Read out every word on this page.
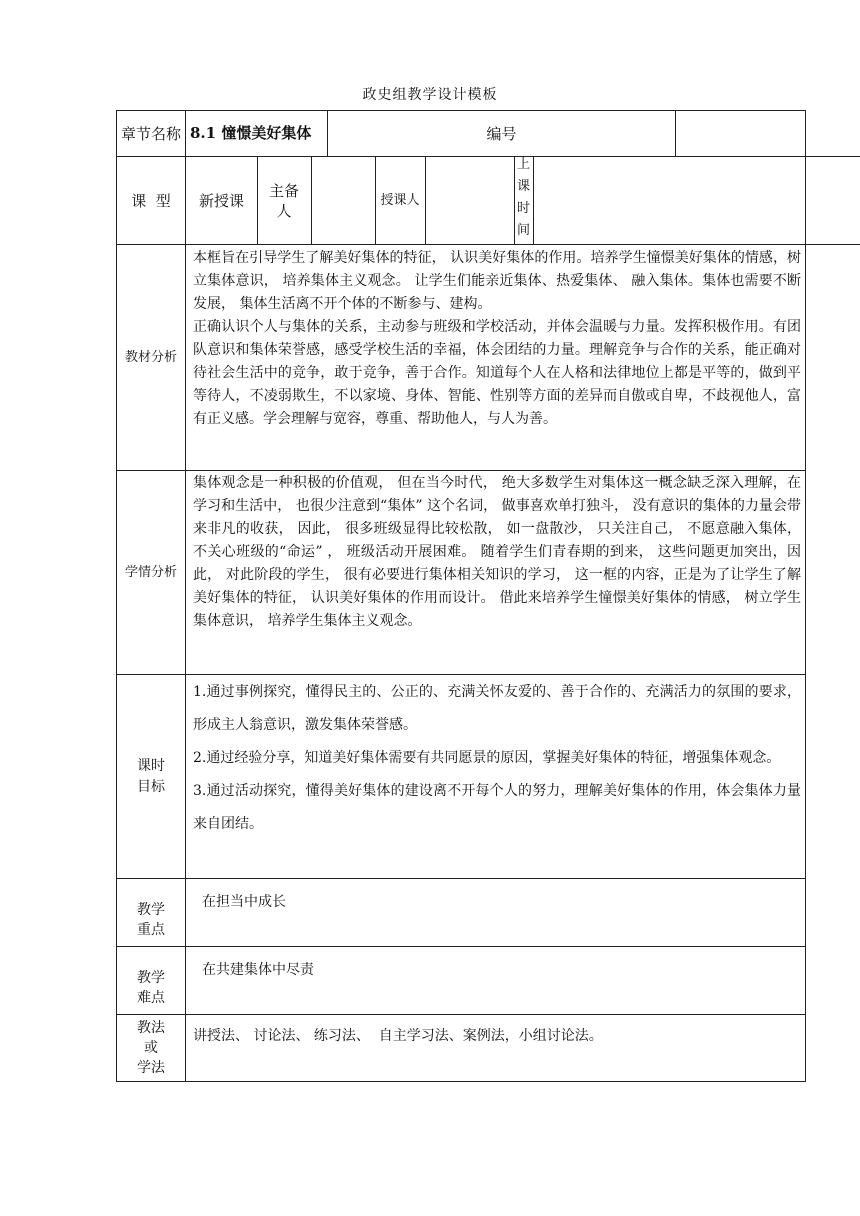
政史组教学设计模板
章节名称 8.1 憧憬美好集体	编号
课  型	新授课
主备人
授课人
上课时间
教材分析
本框旨在引导学生了解美好集体的特征， 认识美好集体的作用。培养学生憧憬美好集体的情感，树立集体意识， 培养集体主义观念。 让学生们能亲近集体、热爱集体、 融入集体。集体也需要不断发展， 集体生活离不开个体的不断参与、建构。
正确认识个人与集体的关系，主动参与班级和学校活动，并体会温暖与力量。发挥积极作用。有团队意识和集体荣誉感，感受学校生活的幸福，体会团结的力量。理解竞争与合作的关系，能正确对待社会生活中的竞争，敢于竞争，善于合作。知道每个人在人格和法律地位上都是平等的，做到平等待人，不凌弱欺生，不以家境、身体、智能、性别等方面的差异而自傲或自卑，不歧视他人，富有正义感。学会理解与宽容，尊重、帮助他人，与人为善。
学情分析
集体观念是一种积极的价值观， 但在当今时代， 绝大多数学生对集体这一概念缺乏深入理解，在学习和生活中， 也很少注意到“集体” 这个名词， 做事喜欢单打独斗， 没有意识的集体的力量会带来非凡的收获， 因此， 很多班级显得比较松散， 如一盘散沙， 只关注自己， 不愿意融入集体，不关心班级的“命运” ， 班级活动开展困难。 随着学生们青春期的到来， 这些问题更加突出，因此， 对此阶段的学生， 很有必要进行集体相关知识的学习， 这一框的内容，正是为了让学生了解美好集体的特征， 认识美好集体的作用而设计。 借此来培养学生憧憬美好集体的情感， 树立学生集体意识， 培养学生集体主义观念。
课时
目标

1.通过事例探究，懂得民主的、公正的、充满关怀友爱的、善于合作的、充满活力的氛围的要求，形成主人翁意识，激发集体荣誉感。

2.通过经验分享，知道美好集体需要有共同愿景的原因，掌握美好集体的特征，增强集体观念。

3.通过活动探究，懂得美好集体的建设离不开每个人的努力，理解美好集体的作用，体会集体力量来自团结。

教学
重点
在担当中成长
教学
难点
在共建集体中尽责
教法
或
学法
讲授法、 讨论法、 练习法、  自主学习法、案例法，小组讨论法。
